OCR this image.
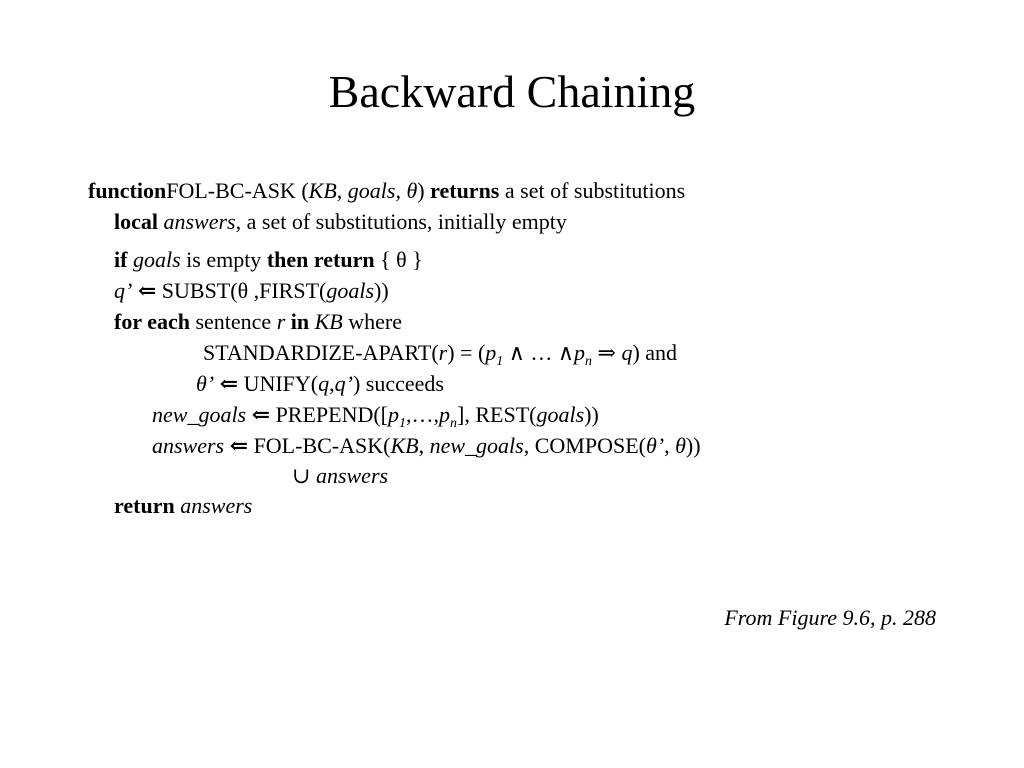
Backward Chaining
functionFOL-BC-ASK (KB, goals, θ) returns a set of substitutions
local answers, a set of substitutions, initially empty
if goals is empty then return { θ }
q’ ⇐ SUBST(θ ,FIRST(goals))
for each sentence r in KB where
STANDARDIZE-APART(r) = ($p_1$ ∧ … $\wedge p_n$ ⇒ q) and
θ’ ⇐ UNIFY(q,q’) succeeds
new_goals ⇐ $PREPEND([p_1,\dots,p_n]$, REST(goals))
answers ⇐ FOL-BC-ASK(KB, new_goals, COMPOSE(θ’, θ))
∪ answers
return answers
From Figure 9.6, p. 288
